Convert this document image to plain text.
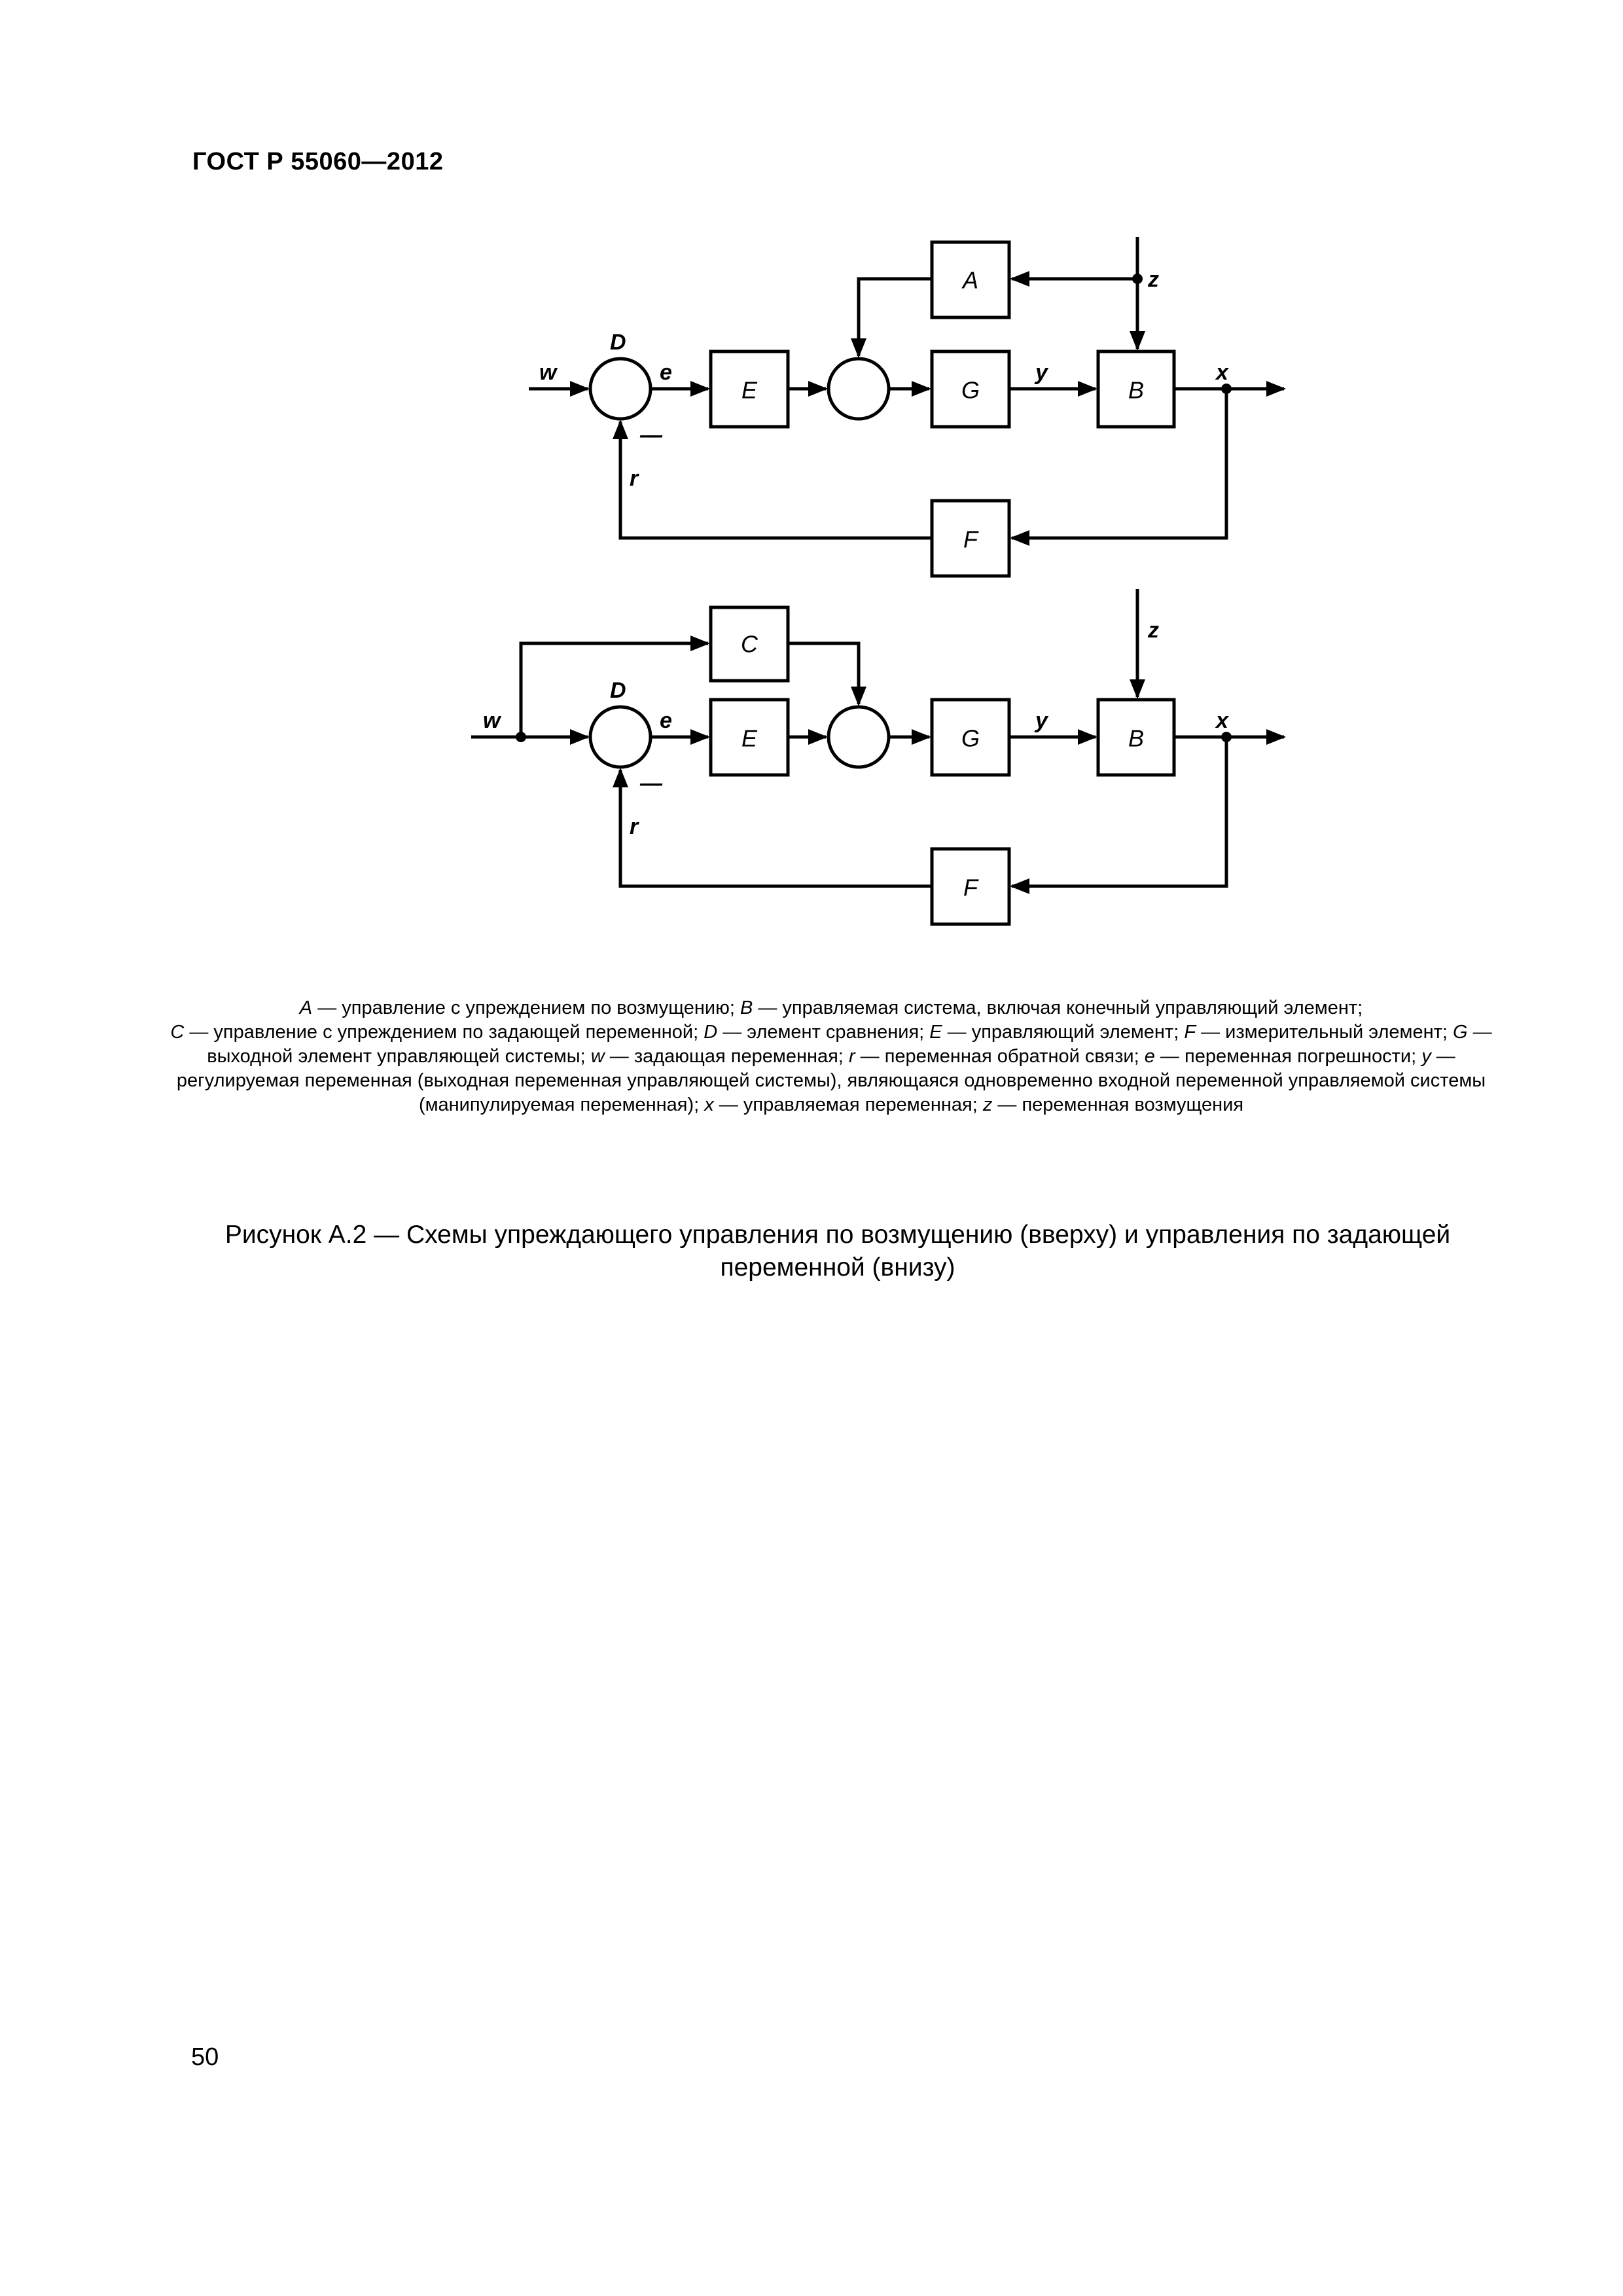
ГОСТ Р 55060—2012
A
E	G	B
F
D
w	e	y	x
z
r
—
C
E	G	B
F
D
w	e	y	x
z
r
—
A — управление с упреждением по возмущению; B — управляемая система, включая конечный управляющий элемент;
C — управление с упреждением по задающей переменной; D — элемент сравнения; E — управляющий элемент; F — измерительный элемент; G — выходной элемент управляющей системы; w — задающая переменная; r — переменная обратной связи; e — переменная погрешности; y — регулируемая переменная (выходная переменная управляющей системы), являющаяся одновременно входной переменной управляемой системы (манипулируемая переменная); x — управляемая переменная; z — переменная возмущения
Рисунок А.2 — Схемы упреждающего управления по возмущению (вверху) и управления по задающей переменной (внизу)
50
